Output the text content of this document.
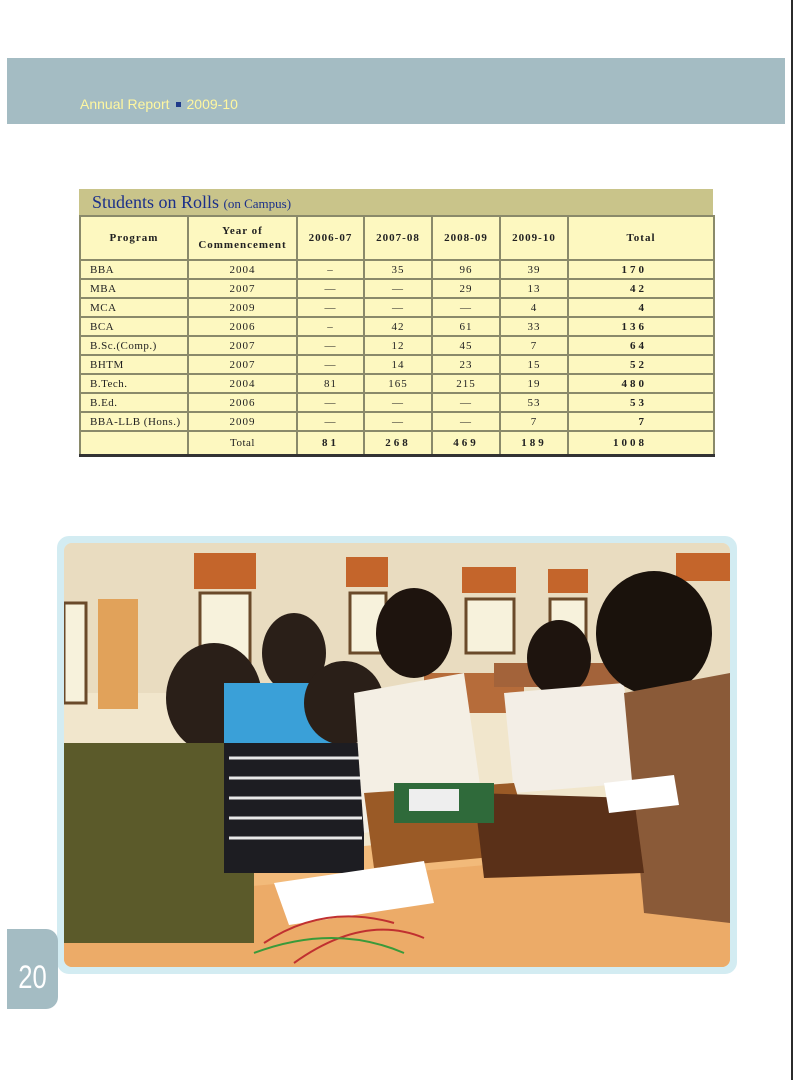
Annual Report 2009-10
Students on Rolls (on Campus)
Program	Year of Commencement	2006-07	2007-08	2008-09	2009-10	Total
BBA	2004	–	35	96	39	170
MBA	2007	—	—	29	13	42
MCA	2009	—	—	—	4	4
BCA	2006	–	42	61	33	136
B.Sc.(Comp.)	2007	—	12	45	7	64
BHTM	2007	—	14	23	15	52
B.Tech.	2004	81	165	215	19	480
B.Ed.	2006	—	—	—	53	53
BBA-LLB (Hons.)	2009	—	—	—	7	7
	Total	81	268	469	189	1008
20
